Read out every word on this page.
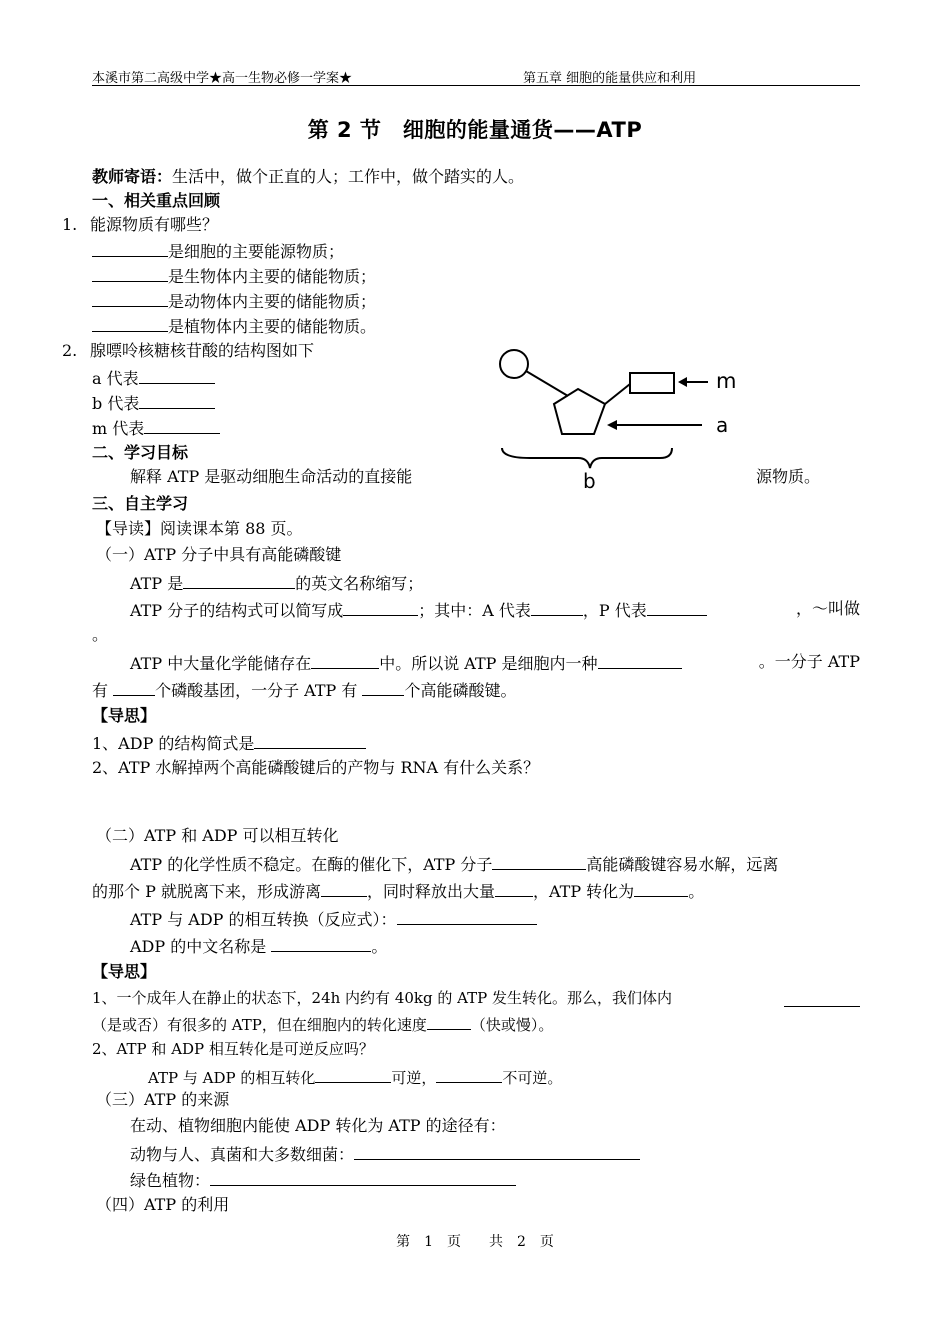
本溪市第二高级中学★高一生物必修一学案★	第五章 细胞的能量供应和利用
第 2 节　细胞的能量通货——ATP
教师寄语：生活中，做个正直的人；工作中，做个踏实的人。
一、相关重点回顾
1. 能源物质有哪些？
是细胞的主要能源物质；
是生物体内主要的储能物质；
是动物体内主要的储能物质；
是植物体内主要的储能物质。
2. 腺嘌呤核糖核苷酸的结构图如下
a 代表
b 代表
m 代表
m
a
b
二、学习目标
解释 ATP 是驱动细胞生命活动的直接能	源物质。
三、自主学习
【导读】阅读课本第 88 页。
（一）ATP 分子中具有高能磷酸键
ATP 是	的英文名称缩写；
ATP 分子的结构式可以简写成	；其中：A 代表	，P 代表	，～叫做
。
ATP 中大量化学能储存在	中。所以说 ATP 是细胞内一种	。一分子 ATP
有	个磷酸基团，一分子 ATP 有	个高能磷酸键。
【导思】
1、ADP 的结构简式是
2、ATP 水解掉两个高能磷酸键后的产物与 RNA 有什么关系？
（二）ATP 和 ADP 可以相互转化
ATP 的化学性质不稳定。在酶的催化下，ATP 分子	高能磷酸键容易水解，远离
的那个 P 就脱离下来，形成游离	，同时释放出大量 ，ATP 转化为	。
ATP 与 ADP 的相互转换（反应式）：
ADP 的中文名称是	。
【导思】
1、一个成年人在静止的状态下，24h 内约有 40kg 的 ATP 发生转化。那么，我们体内
（是或否）有很多的 ATP，但在细胞内的转化速度	（快或慢）。
2、ATP 和 ADP 相互转化是可逆反应吗？
ATP 与 ADP 的相互转化	可逆，	不可逆。
（三）ATP 的来源
在动、植物细胞内能使 ADP 转化为 ATP 的途径有：
动物与人、真菌和大多数细菌：
绿色植物：
（四）ATP 的利用
第　1　页　　共　2　页
